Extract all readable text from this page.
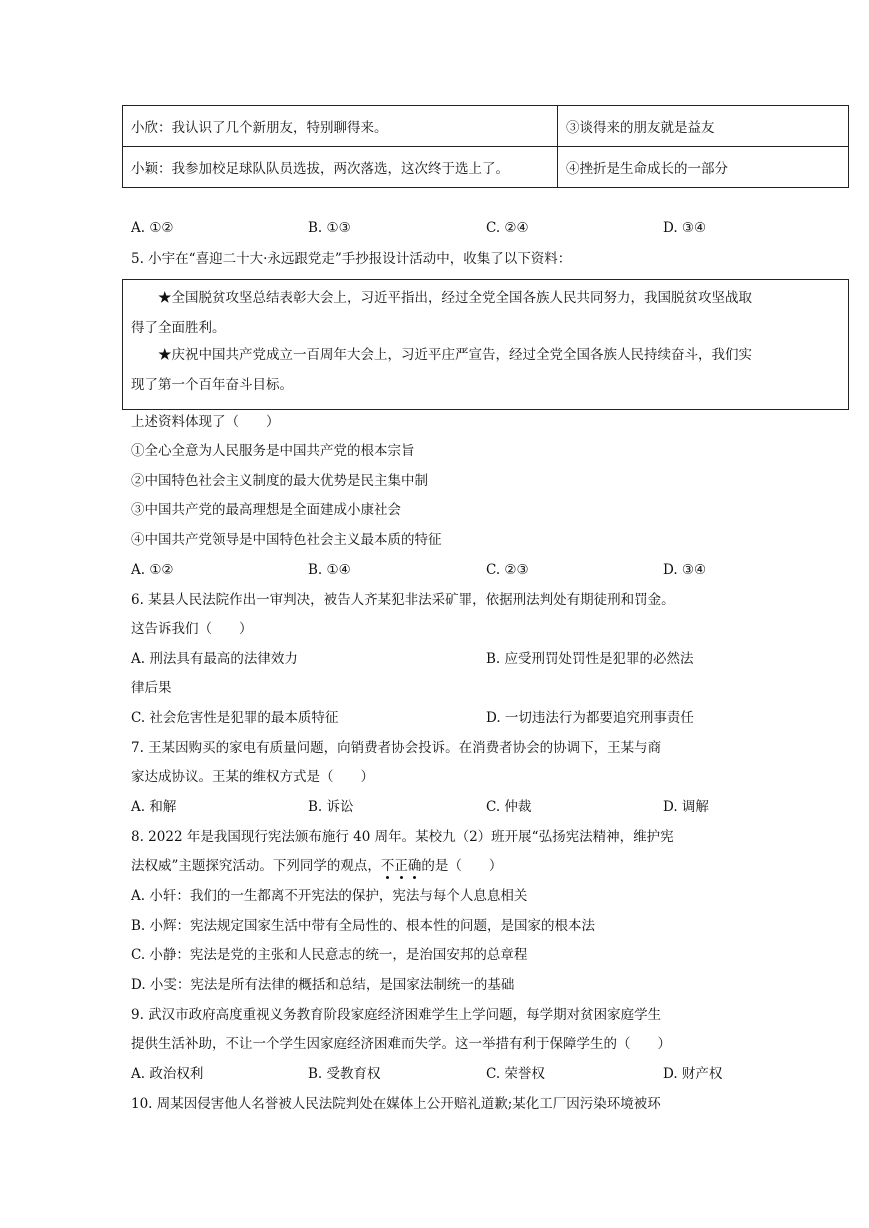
小欣：我认识了几个新朋友，特别聊得来。	③谈得来的朋友就是益友
小颖：我参加校足球队队员选拔，两次落选，这次终于选上了。	④挫折是生命成长的一部分
A. ①②	B. ①③	C. ②④	D. ③④
5. 小宇在“喜迎二十大·永远跟党走”手抄报设计活动中，收集了以下资料：
★全国脱贫攻坚总结表彰大会上，习近平指出，经过全党全国各族人民共同努力，我国脱贫攻坚战取
得了全面胜利。
★庆祝中国共产党成立一百周年大会上，习近平庄严宣告，经过全党全国各族人民持续奋斗，我们实
现了第一个百年奋斗目标。
上述资料体现了（　　）
①全心全意为人民服务是中国共产党的根本宗旨
②中国特色社会主义制度的最大优势是民主集中制
③中国共产党的最高理想是全面建成小康社会
④中国共产党领导是中国特色社会主义最本质的特征
A. ①②	B. ①④	C. ②③	D. ③④
6. 某县人民法院作出一审判决，被告人齐某犯非法采矿罪，依据刑法判处有期徒刑和罚金。
这告诉我们（　　）
A. 刑法具有最高的法律效力	B. 应受刑罚处罚性是犯罪的必然法
律后果
C. 社会危害性是犯罪的最本质特征	D. 一切违法行为都要追究刑事责任
7. 王某因购买的家电有质量问题，向销费者协会投诉。在消费者协会的协调下，王某与商
家达成协议。王某的维权方式是（　　）
A. 和解	B. 诉讼	C. 仲裁	D. 调解
8. 2022 年是我国现行宪法颁布施行 40 周年。某校九（2）班开展“弘扬宪法精神，维护宪
法权威”主题探究活动。下列同学的观点，不正确的是（　　）
A. 小轩：我们的一生都离不开宪法的保护，宪法与每个人息息相关
B. 小辉：宪法规定国家生活中带有全局性的、根本性的问题，是国家的根本法
C. 小静：宪法是党的主张和人民意志的统一，是治国安邦的总章程
D. 小雯：宪法是所有法律的概括和总结，是国家法制统一的基础
9. 武汉市政府高度重视义务教育阶段家庭经济困难学生上学问题，每学期对贫困家庭学生
提供生活补助，不让一个学生因家庭经济困难而失学。这一举措有利于保障学生的（　　）
A. 政治权利	B. 受教育权	C. 荣誉权	D. 财产权
10. 周某因侵害他人名誉被人民法院判处在媒体上公开赔礼道歉;某化工厂因污染环境被环
